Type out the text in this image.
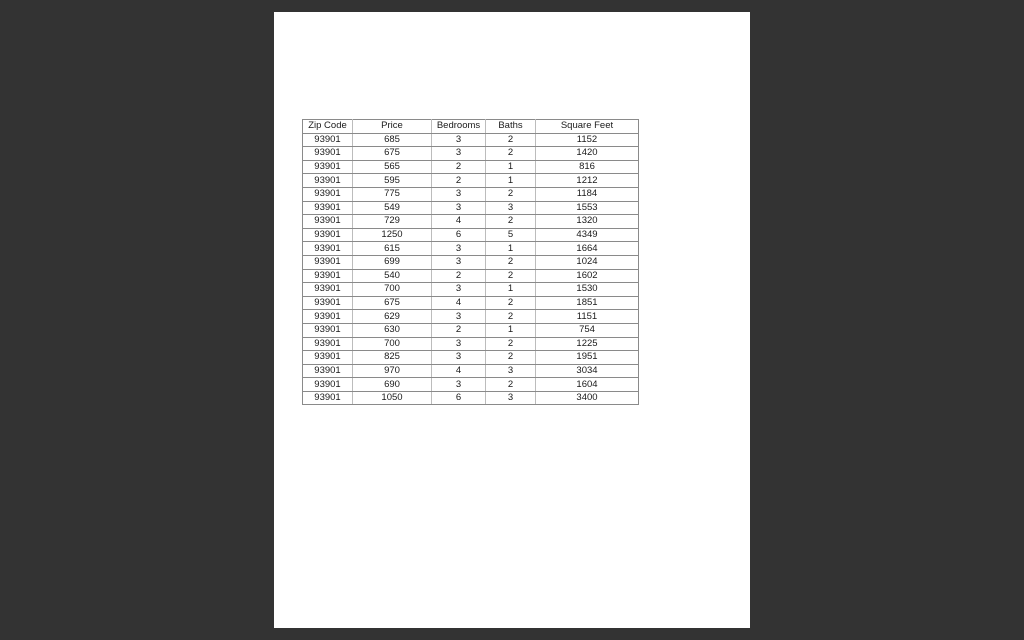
Zip Code	Price	Bedrooms	Baths	Square Feet
93901	685	3	2	1152
93901	675	3	2	1420
93901	565	2	1	816
93901	595	2	1	1212
93901	775	3	2	1184
93901	549	3	3	1553
93901	729	4	2	1320
93901	1250	6	5	4349
93901	615	3	1	1664
93901	699	3	2	1024
93901	540	2	2	1602
93901	700	3	1	1530
93901	675	4	2	1851
93901	629	3	2	1151
93901	630	2	1	754
93901	700	3	2	1225
93901	825	3	2	1951
93901	970	4	3	3034
93901	690	3	2	1604
93901	1050	6	3	3400
